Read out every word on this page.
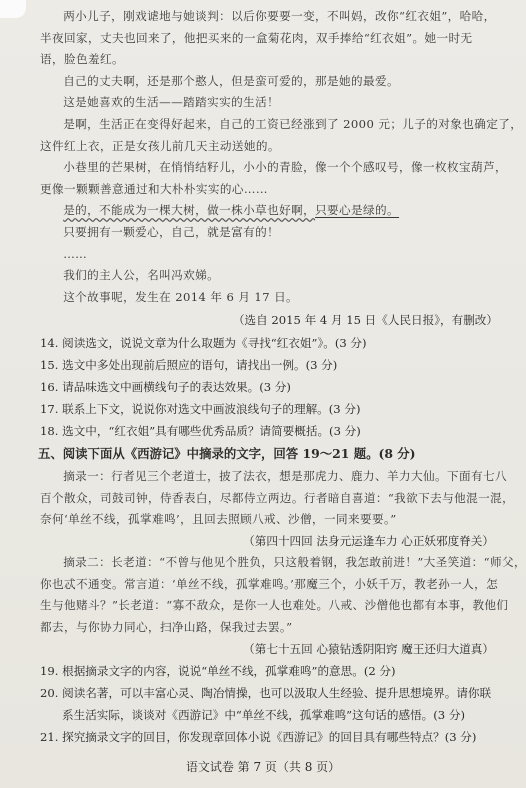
两小儿子，刚戏谑地与她谈判：以后你要要一变，不叫妈，改你“红衣姐”，哈哈，
半夜回家，丈夫也回来了，他把买来的一盒菊花肉，双手捧给“红衣姐”。她一时无
语，脸色羞红。
自己的丈夫啊，还是那个憨人，但是蛮可爱的，那是她的最爱。
这是她喜欢的生活——踏踏实实的生活！
是啊，生活正在变得好起来，自己的工资已经涨到了 2000 元；儿子的对象也确定了，
这件红上衣，正是女孩儿前几天主动送她的。
小巷里的芒果树，在悄悄结籽儿，小小的青脸，像一个个感叹号，像一枚枚宝葫芦，
更像一颗颗善意通过和大朴朴实实的心……
是的，不能成为一棵大树，做一株小草也好啊，只要心是绿的。
只要拥有一颗爱心，自己，就是富有的！
……
我们的主人公，名叫冯欢娣。
这个故事呢，发生在 2014 年 6 月 17 日。
（选自 2015 年 4 月 15 日《人民日报》，有删改）
14. 阅读选文，说说文章为什么取题为《寻找“红衣姐”》。(3 分)
15. 选文中多处出现前后照应的语句，请找出一例。(3 分)
16. 请品味选文中画横线句子的表达效果。(3 分)
17. 联系上下文，说说你对选文中画波浪线句子的理解。(3 分)
18. 选文中，“红衣姐”具有哪些优秀品质？请简要概括。(3 分)
五、阅读下面从《西游记》中摘录的文字，回答 19～21 题。(8 分)
摘录一：行者见三个老道士，披了法衣，想是那虎力、鹿力、羊力大仙。下面有七八
百个散众，司鼓司钟，侍香表白，尽都侍立两边。行者暗自喜道：“我欲下去与他混一混，
奈何‘单丝不线，孤掌难鸣’，且回去照顾八戒、沙僧，一同来要要。”
（第四十四回 法身元运逢车力 心正妖邪度脊关）
摘录二：长老道：“不曾与他见个胜负，只这般着钢，我怎敢前进！”大圣笑道：“师父，
你也忒不通变。常言道：‘单丝不线，孤掌难鸣。’那魔三个，小妖千万，教老孙一人，怎
生与他赌斗？”长老道：“寡不敌众，是你一人也难处。八戒、沙僧他也都有本事，教他们
都去，与你协力同心，扫净山路，保我过去罢。”
（第七十五回 心猿钻透阴阳窍 魔王还归大道真）
19. 根据摘录文字的内容，说说“单丝不线，孤掌难鸣”的意思。(2 分)
20. 阅读名著，可以丰富心灵、陶冶情操，也可以汲取人生经验、提升思想境界。请你联
系生活实际，谈谈对《西游记》中“单丝不线，孤掌难鸣”这句话的感悟。(3 分)
21. 探究摘录文字的回目，你发现章回体小说《西游记》的回目具有哪些特点？(3 分)
语文试卷 第 7 页（共 8 页）
